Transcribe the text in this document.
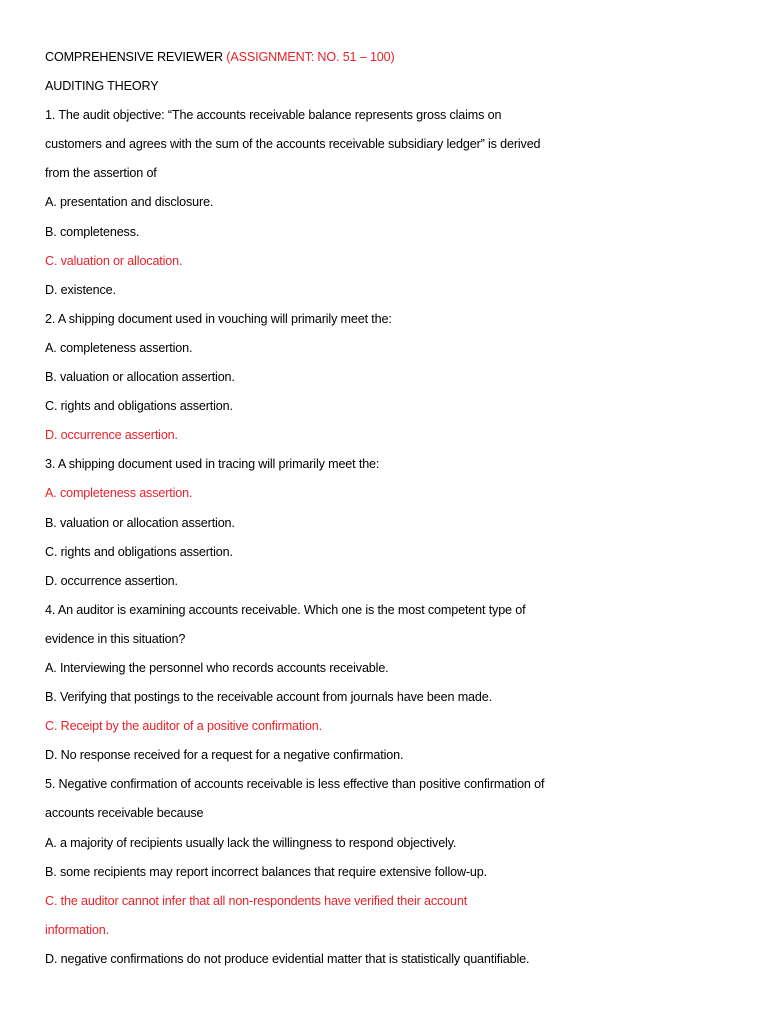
COMPREHENSIVE REVIEWER (ASSIGNMENT: NO. 51 – 100)
AUDITING THEORY
1. The audit objective: “The accounts receivable balance represents gross claims on
customers and agrees with the sum of the accounts receivable subsidiary ledger” is derived
from the assertion of
A. presentation and disclosure.
B. completeness.
C. valuation or allocation.
D. existence.
2. A shipping document used in vouching will primarily meet the:
A. completeness assertion.
B. valuation or allocation assertion.
C. rights and obligations assertion.
D. occurrence assertion.
3. A shipping document used in tracing will primarily meet the:
A. completeness assertion.
B. valuation or allocation assertion.
C. rights and obligations assertion.
D. occurrence assertion.
4. An auditor is examining accounts receivable. Which one is the most competent type of
evidence in this situation?
A. Interviewing the personnel who records accounts receivable.
B. Verifying that postings to the receivable account from journals have been made.
C. Receipt by the auditor of a positive confirmation.
D. No response received for a request for a negative confirmation.
5. Negative confirmation of accounts receivable is less effective than positive confirmation of
accounts receivable because
A. a majority of recipients usually lack the willingness to respond objectively.
B. some recipients may report incorrect balances that require extensive follow-up.
C. the auditor cannot infer that all non-respondents have verified their account
information.
D. negative confirmations do not produce evidential matter that is statistically quantifiable.
